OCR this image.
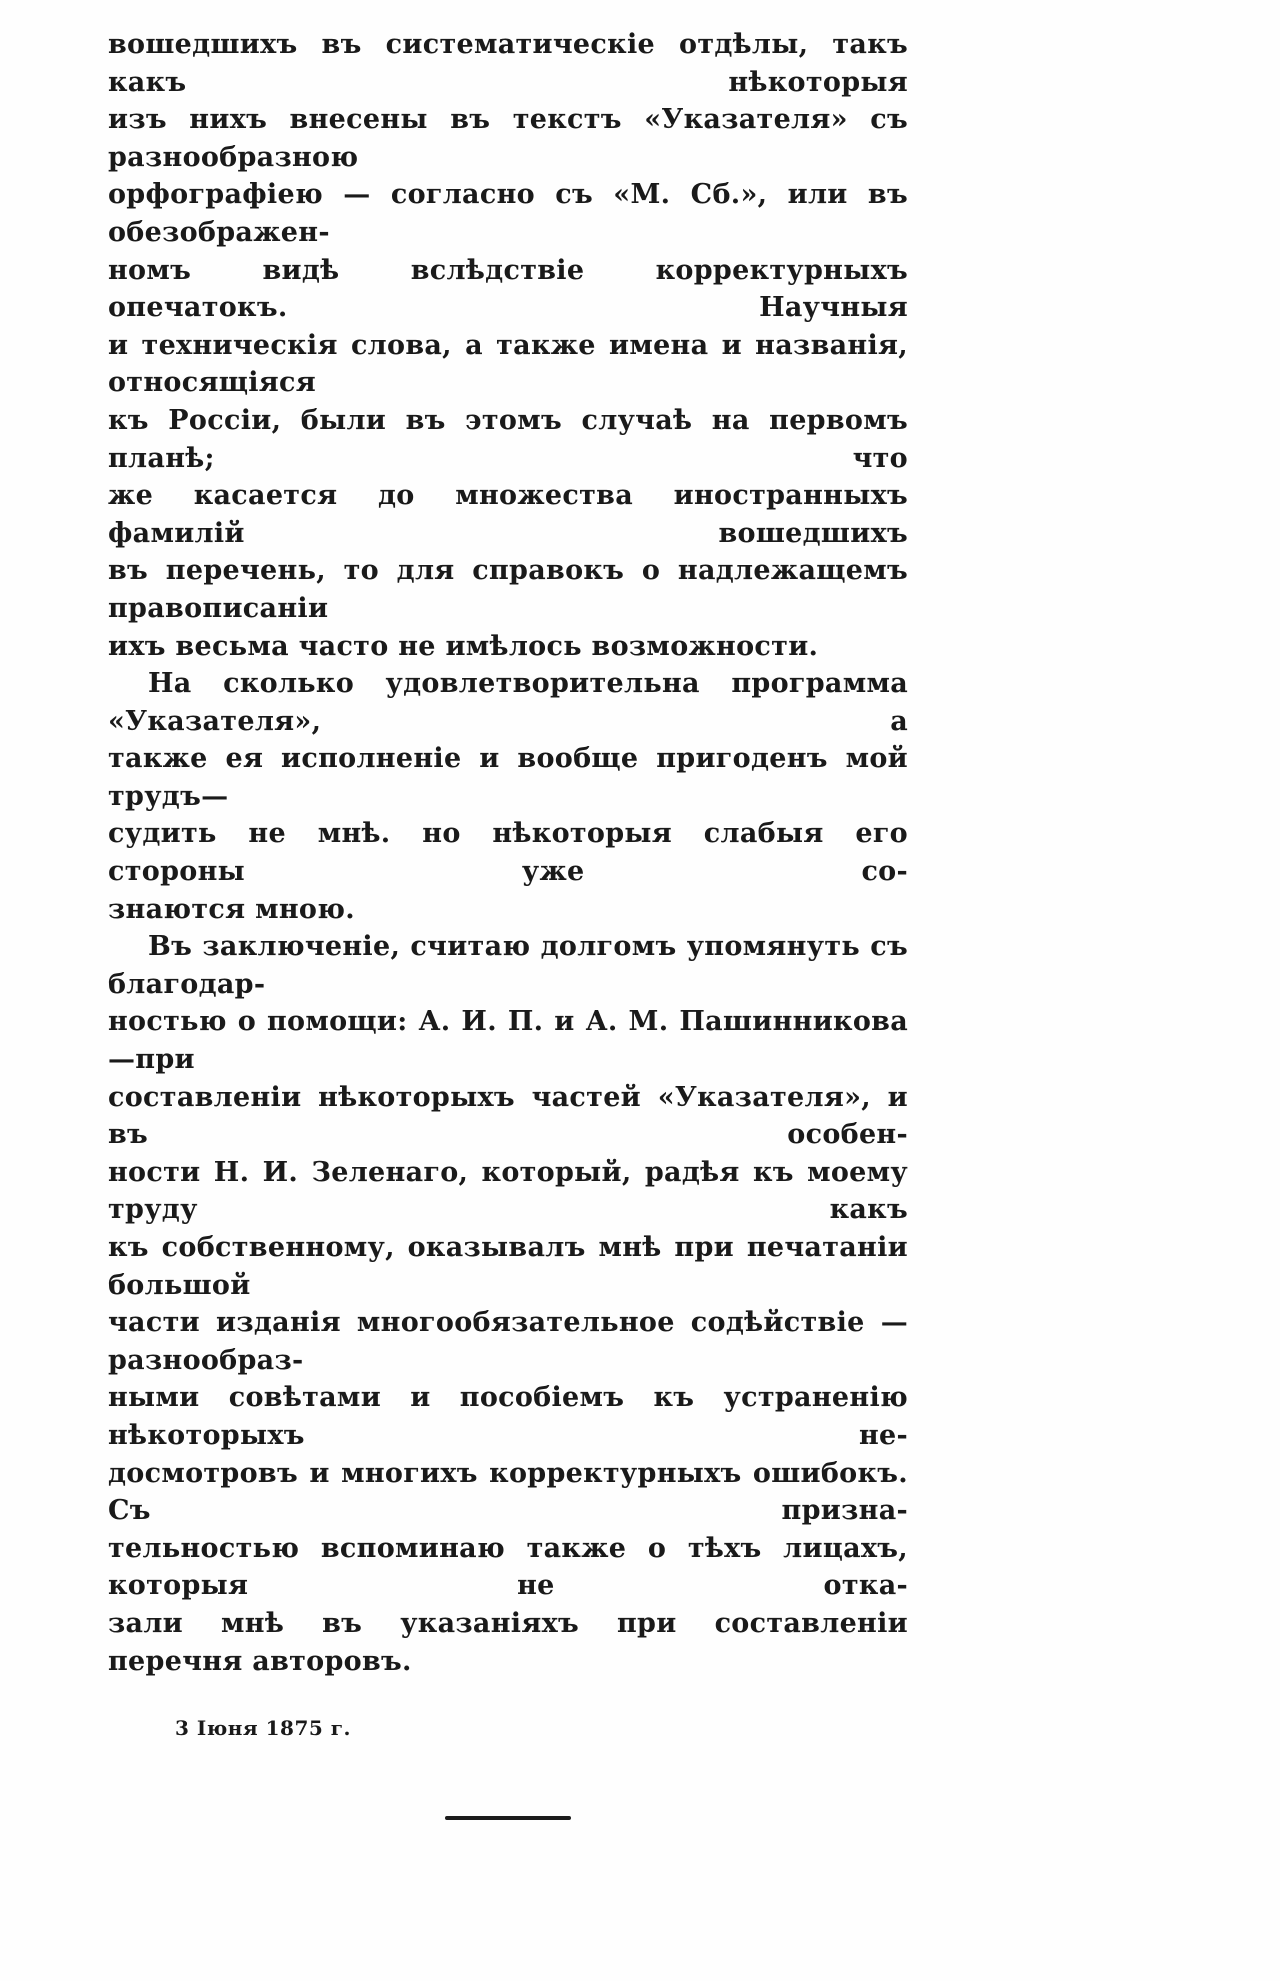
вошедшихъ въ систематическіе отдѣлы, такъ какъ нѣкоторыя
изъ нихъ внесены въ текстъ «Указателя» съ разнообразною
орфографіею — согласно съ «М. Сб.», или въ обезображен-
номъ видѣ вслѣдствіе корректурныхъ опечатокъ. Научныя
и техническія слова, а также имена и названія, относящіяся
къ Россіи, были въ этомъ случаѣ на первомъ планѣ; что
же касается до множества иностранныхъ фамилій вошедшихъ
въ перечень, то для справокъ о надлежащемъ правописаніи
ихъ весьма часто не имѣлось возможности.
На сколько удовлетворительна программа «Указателя», а
также ея исполненіе и вообще пригоденъ мой трудъ—
судить не мнѣ. но нѣкоторыя слабыя его стороны уже со-
знаются мною.
Въ заключеніе, считаю долгомъ упомянуть съ благодар-
ностью о помощи: А. И. П. и А. М. Пашинникова—при
составленіи нѣкоторыхъ частей «Указателя», и въ особен-
ности Н. И. Зеленаго, который, радѣя къ моему труду какъ
къ собственному, оказывалъ мнѣ при печатаніи большой
части изданія многообязательное содѣйствіе — разнообраз-
ными совѣтами и пособіемъ къ устраненію нѣкоторыхъ не-
досмотровъ и многихъ корректурныхъ ошибокъ. Съ призна-
тельностью вспоминаю также о тѣхъ лицахъ, которыя не отка-
зали мнѣ въ указаніяхъ при составленіи перечня авторовъ.
3 Іюня 1875 г.
